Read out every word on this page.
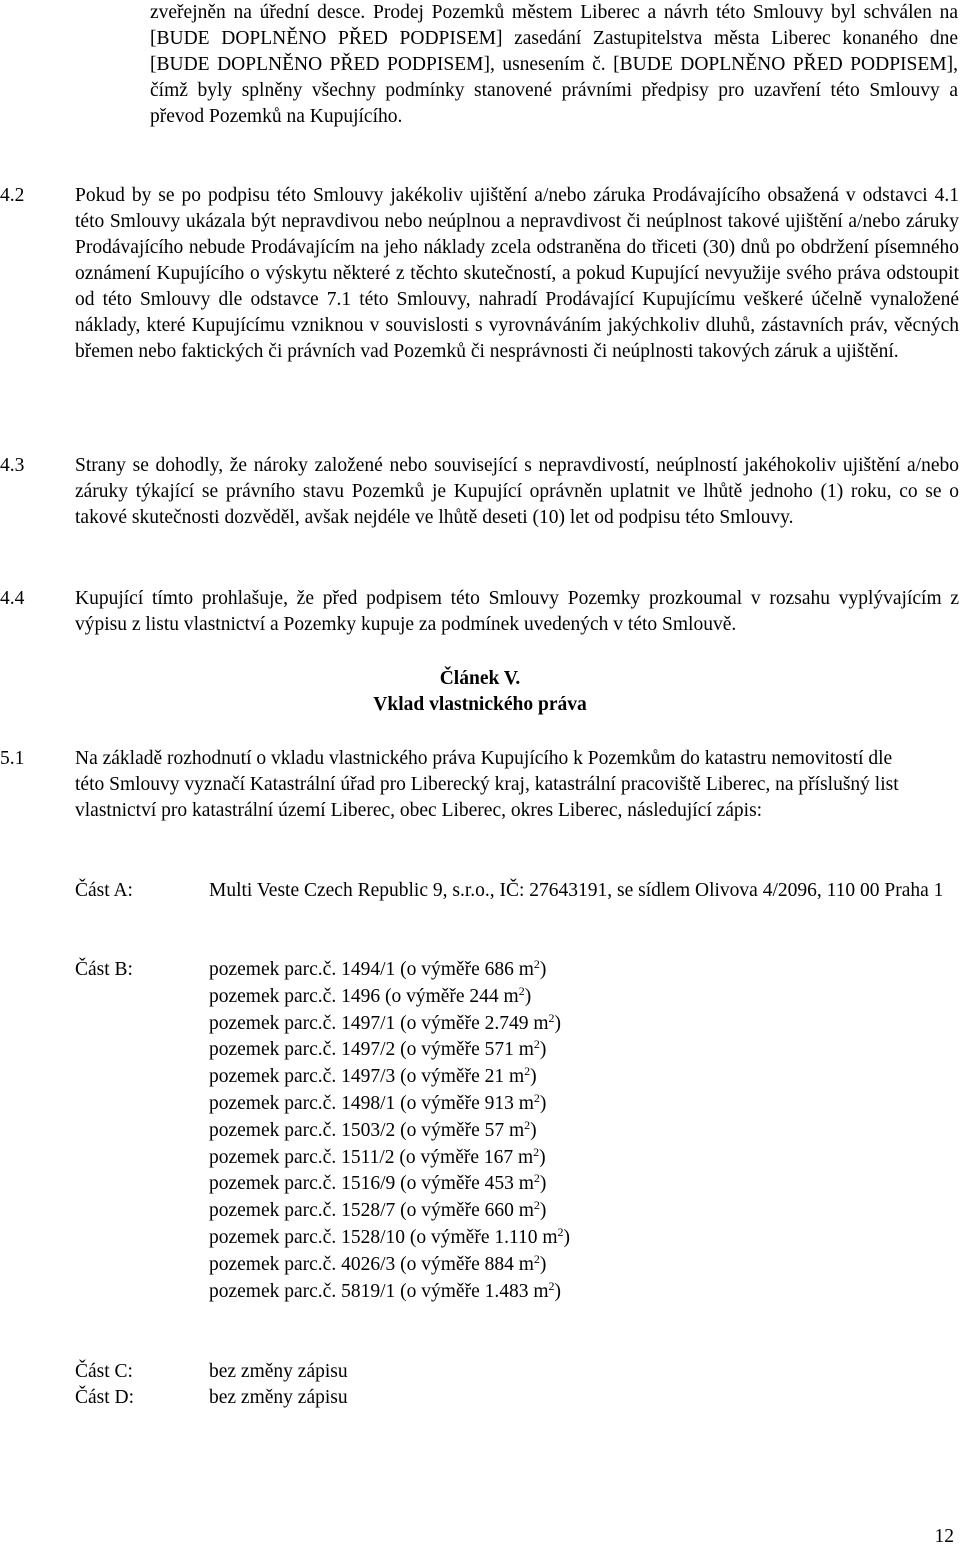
zveřejněn na úřední desce. Prodej Pozemků městem Liberec a návrh této Smlouvy byl schválen na [BUDE DOPLNĚNO PŘED PODPISEM] zasedání Zastupitelstva města Liberec konaného dne [BUDE DOPLNĚNO PŘED PODPISEM], usnesením č. [BUDE DOPLNĚNO PŘED PODPISEM], čímž byly splněny všechny podmínky stanovené právními předpisy pro uzavření této Smlouvy a převod Pozemků na Kupujícího.
4.2	Pokud by se po podpisu této Smlouvy jakékoliv ujištění a/nebo záruka Prodávajícího obsažená v odstavci 4.1 této Smlouvy ukázala být nepravdivou nebo neúplnou a nepravdivost či neúplnost takové ujištění a/nebo záruky Prodávajícího nebude Prodávajícím na jeho náklady zcela odstraněna do třiceti (30) dnů po obdržení písemného oznámení Kupujícího o výskytu některé z těchto skutečností, a pokud Kupující nevyužije svého práva odstoupit od této Smlouvy dle odstavce 7.1 této Smlouvy, nahradí Prodávající Kupujícímu veškeré účelně vynaložené náklady, které Kupujícímu vzniknou v souvislosti s vyrovnáváním jakýchkoliv dluhů, zástavních práv, věcných břemen nebo faktických či právních vad Pozemků či nesprávnosti či neúplnosti takových záruk a ujištění.
4.3	Strany se dohodly, že nároky založené nebo související s nepravdivostí, neúplností jakéhokoliv ujištění a/nebo záruky týkající se právního stavu Pozemků je Kupující oprávněn uplatnit ve lhůtě jednoho (1) roku, co se o takové skutečnosti dozvěděl, avšak nejdéle ve lhůtě deseti (10) let od podpisu této Smlouvy.
4.4	Kupující tímto prohlašuje, že před podpisem této Smlouvy Pozemky prozkoumal v rozsahu vyplývajícím z výpisu z listu vlastnictví a Pozemky kupuje za podmínek uvedených v této Smlouvě.
Článek V.
Vklad vlastnického práva
5.1	Na základě rozhodnutí o vkladu vlastnického práva Kupujícího k Pozemkům do katastru nemovitostí dle této Smlouvy vyznačí Katastrální úřad pro Liberecký kraj, katastrální pracoviště Liberec, na příslušný list vlastnictví pro katastrální území Liberec, obec Liberec, okres Liberec, následující zápis:
Část A:	Multi Veste Czech Republic 9, s.r.o., IČ: 27643191, se sídlem Olivova 4/2096, 110 00 Praha 1
Část B:	pozemek parc.č. 1494/1 (o výměře 686 $m^2$)
pozemek parc.č. 1496 (o výměře 244 $m^2$)
pozemek parc.č. 1497/1 (o výměře 2.749 $m^2$)
pozemek parc.č. 1497/2 (o výměře 571 $m^2$)
pozemek parc.č. 1497/3 (o výměře 21 $m^2$)
pozemek parc.č. 1498/1 (o výměře 913 $m^2$)
pozemek parc.č. 1503/2 (o výměře 57 $m^2$)
pozemek parc.č. 1511/2 (o výměře 167 $m^2$)
pozemek parc.č. 1516/9 (o výměře 453 $m^2$)
pozemek parc.č. 1528/7 (o výměře 660 $m^2$)
pozemek parc.č. 1528/10 (o výměře 1.110 $m^2$)
pozemek parc.č. 4026/3 (o výměře 884 $m^2$)
pozemek parc.č. 5819/1 (o výměře 1.483 $m^2$)
Část C:	bez změny zápisu
Část D:	bez změny zápisu
12
